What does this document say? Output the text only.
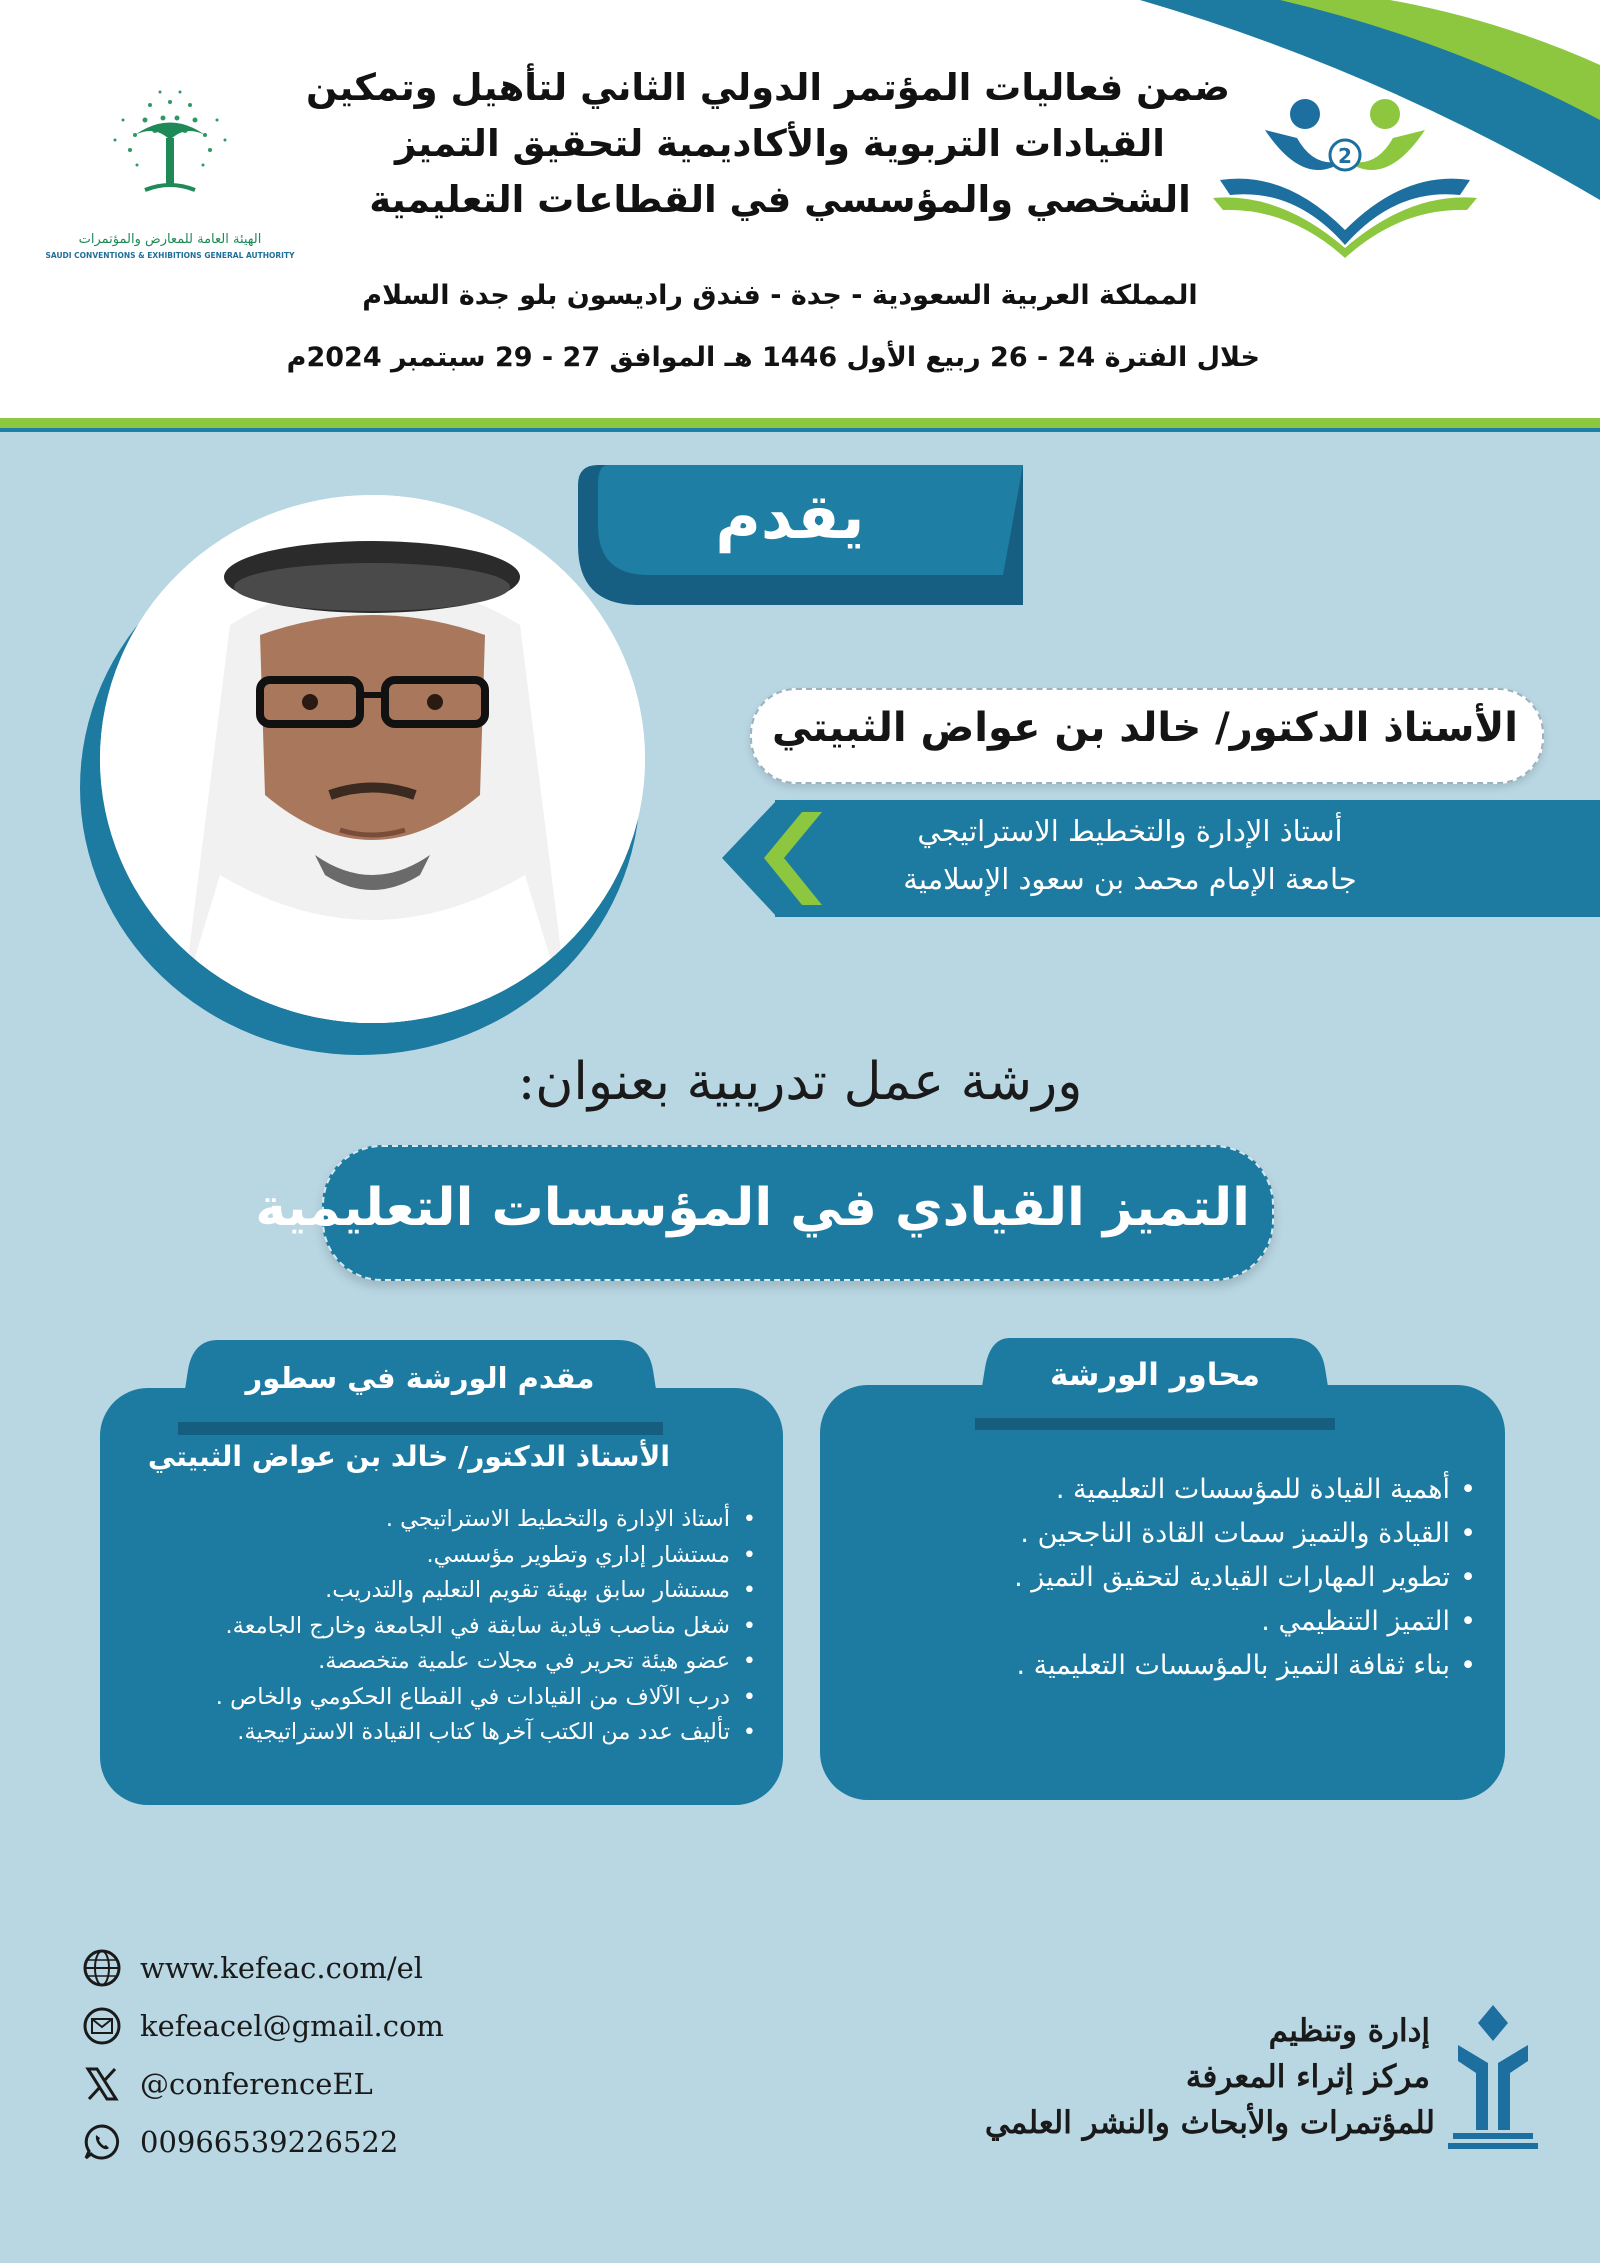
الهيئة العامة للمعارض والمؤتمرات
SAUDI CONVENTIONS & EXHIBITIONS GENERAL AUTHORITY
2
ضمن فعاليات المؤتمر الدولي الثاني لتأهيل وتمكين
القيادات التربوية والأكاديمية لتحقيق التميز
الشخصي والمؤسسي في القطاعات التعليمية
المملكة العربية السعودية - جدة - فندق راديسون بلو جدة السلام
خلال الفترة 24 - 26 ربيع الأول 1446 هـ الموافق 27 - 29 سبتمبر 2024م
يقدم
الأستاذ الدكتور/ خالد بن عواض الثبيتي
أستاذ الإدارة والتخطيط الاستراتيجي
جامعة الإمام محمد بن سعود الإسلامية
ورشة عمل تدريبية بعنوان:
التميز القيادي في المؤسسات التعليمية
محاور الورشة
• أهمية القيادة للمؤسسات التعليمية .
• القيادة والتميز سمات القادة الناجحين .
• تطوير المهارات القيادية لتحقيق التميز .
• التميز التنظيمي .
• بناء ثقافة التميز بالمؤسسات التعليمية .
مقدم الورشة في سطور
الأستاذ الدكتور/ خالد بن عواض الثبيتي
• أستاذ الإدارة والتخطيط الاستراتيجي .
• مستشار إداري وتطوير مؤسسي.
• مستشار سابق بهيئة تقويم التعليم والتدريب.
• شغل مناصب قيادية سابقة في الجامعة وخارج الجامعة.
• عضو هيئة تحرير في مجلات علمية متخصصة.
• درب الآلاف من القيادات في القطاع الحكومي والخاص .
• تأليف عدد من الكتب آخرها كتاب القيادة الاستراتيجية.
www.kefeac.com/el
kefeacel@gmail.com
@conferenceEL
00966539226522
إدارة وتنظيم
مركز إثراء المعرفة
للمؤتمرات والأبحاث والنشر العلمي
